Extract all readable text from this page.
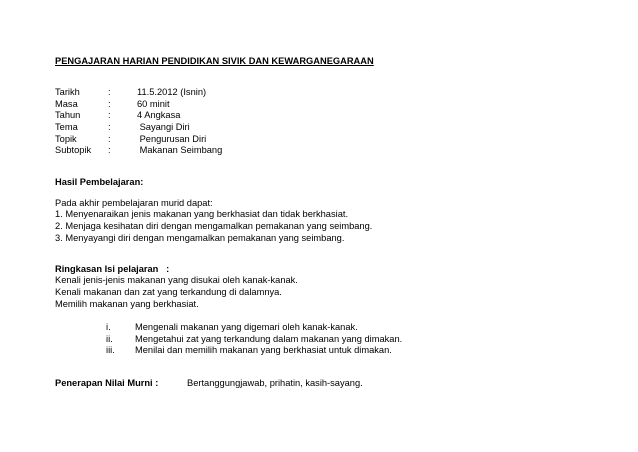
PENGAJARAN HARIAN PENDIDIKAN SIVIK DAN KEWARGANEGARAAN
Tarikh	:	11.5.2012 (Isnin)
Masa	:	60 minit
Tahun	:	4 Angkasa
Tema	:	Sayangi Diri
Topik	:	Pengurusan Diri
Subtopik	:	Makanan Seimbang
Hasil Pembelajaran:
Pada akhir pembelajaran murid dapat:
1. Menyenaraikan jenis makanan yang berkhasiat dan tidak berkhasiat.
2. Menjaga kesihatan diri dengan mengamalkan pemakanan yang seimbang.
3. Menyayangi diri dengan mengamalkan pemakanan yang seimbang.
Ringkasan Isi pelajaran   :
Kenali jenis-jenis makanan yang disukai oleh kanak-kanak.
Kenali makanan dan zat yang terkandung di dalamnya.
Memilih makanan yang berkhasiat.
i.	Mengenali makanan yang digemari oleh kanak-kanak.
ii.	Mengetahui zat yang terkandung dalam makanan yang dimakan.
iii.	Menilai dan memilih makanan yang berkhasiat untuk dimakan.
Penerapan Nilai Murni :	Bertanggungjawab, prihatin, kasih-sayang.
